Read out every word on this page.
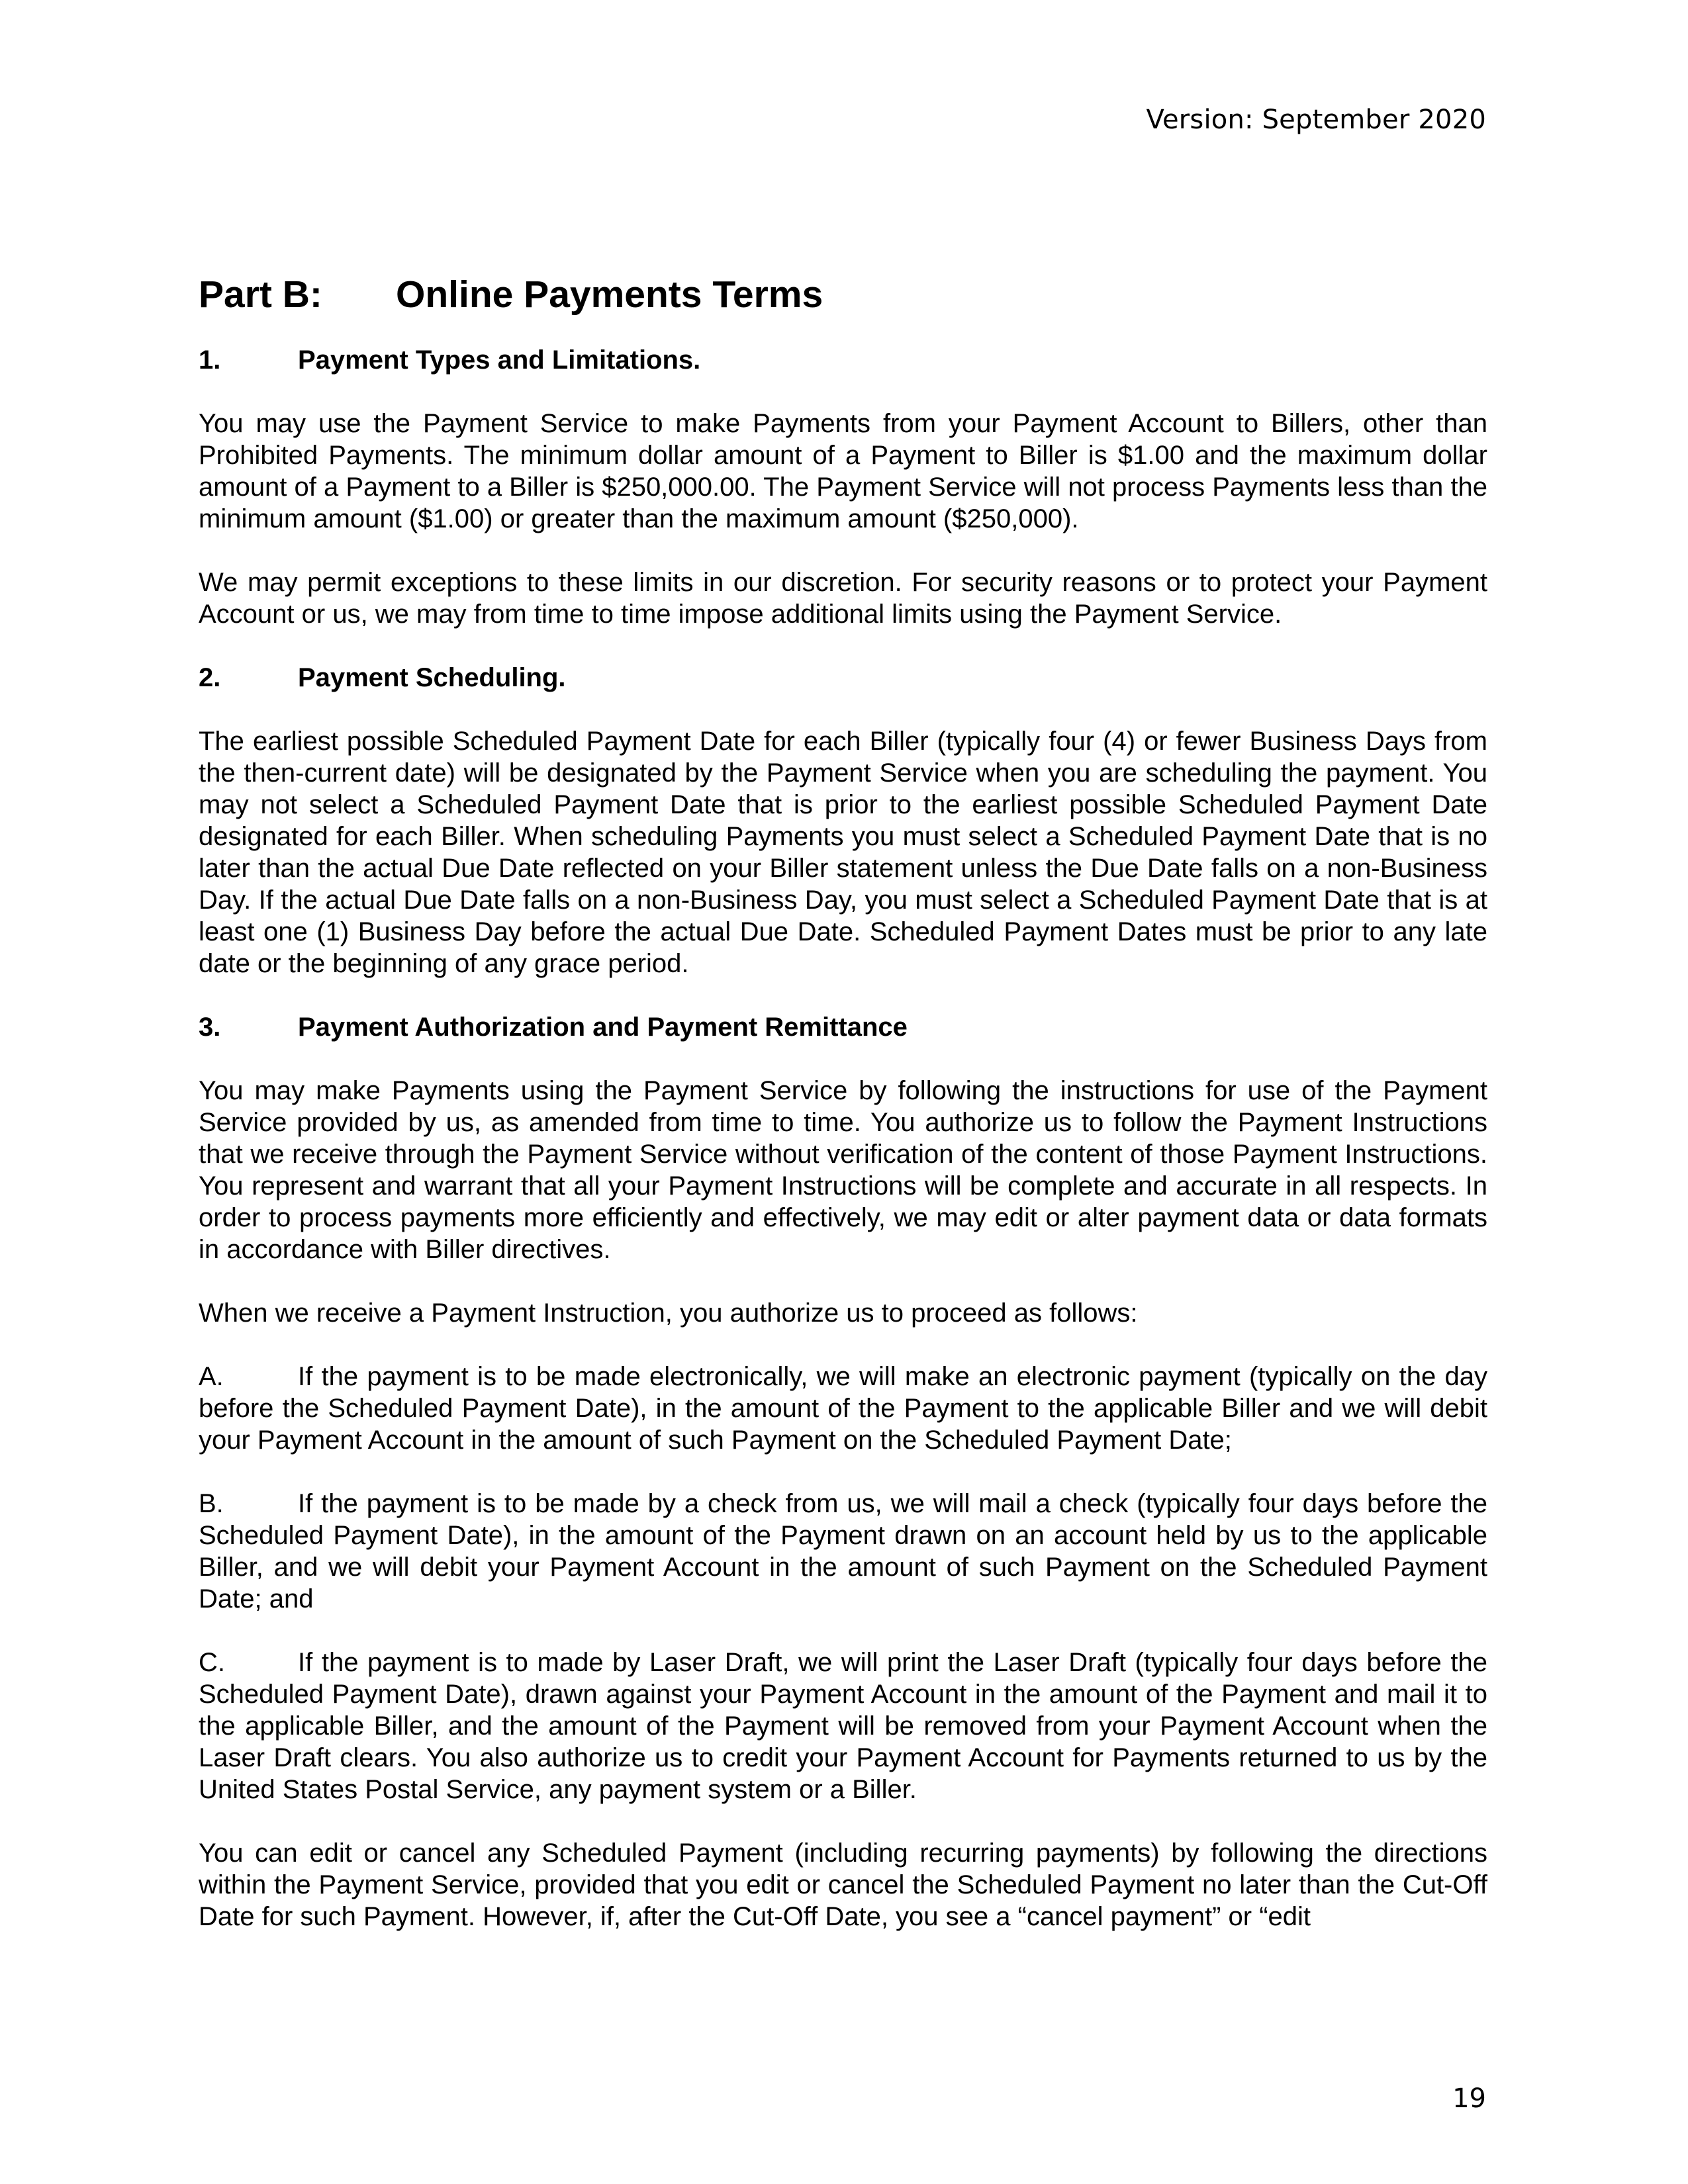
Version: September 2020
Part B:	Online Payments Terms
1.	Payment Types and Limitations.

You may use the Payment Service to make Payments from your Payment Account to Billers, other than Prohibited Payments. The minimum dollar amount of a Payment to Biller is $1.00 and the maximum dollar amount of a Payment to a Biller is $250,000.00. The Payment Service will not process Payments less than the minimum amount ($1.00) or greater than the maximum amount ($250,000).

We may permit exceptions to these limits in our discretion. For security reasons or to protect your Payment Account or us, we may from time to time impose additional limits using the Payment Service.

2.	Payment Scheduling.

The earliest possible Scheduled Payment Date for each Biller (typically four (4) or fewer Business Days from the then-current date) will be designated by the Payment Service when you are scheduling the payment. You may not select a Scheduled Payment Date that is prior to the earliest possible Scheduled Payment Date designated for each Biller. When scheduling Payments you must select a Scheduled Payment Date that is no later than the actual Due Date reflected on your Biller statement unless the Due Date falls on a non-Business Day. If the actual Due Date falls on a non-Business Day, you must select a Scheduled Payment Date that is at least one (1) Business Day before the actual Due Date. Scheduled Payment Dates must be prior to any late date or the beginning of any grace period.

3.	Payment Authorization and Payment Remittance

You may make Payments using the Payment Service by following the instructions for use of the Payment Service provided by us, as amended from time to time. You authorize us to follow the Payment Instructions that we receive through the Payment Service without verification of the content of those Payment Instructions. You represent and warrant that all your Payment Instructions will be complete and accurate in all respects. In order to process payments more efficiently and effectively, we may edit or alter payment data or data formats in accordance with Biller directives.

When we receive a Payment Instruction, you authorize us to proceed as follows:

A.	If the payment is to be made electronically, we will make an electronic payment (typically on the day before the Scheduled Payment Date), in the amount of the Payment to the applicable Biller and we will debit your Payment Account in the amount of such Payment on the Scheduled Payment Date;

B.	If the payment is to be made by a check from us, we will mail a check (typically four days before the Scheduled Payment Date), in the amount of the Payment drawn on an account held by us to the applicable Biller, and we will debit your Payment Account in the amount of such Payment on the Scheduled Payment Date; and

C.	If the payment is to made by Laser Draft, we will print the Laser Draft (typically four days before the Scheduled Payment Date), drawn against your Payment Account in the amount of the Payment and mail it to the applicable Biller, and the amount of the Payment will be removed from your Payment Account when the Laser Draft clears. You also authorize us to credit your Payment Account for Payments returned to us by the United States Postal Service, any payment system or a Biller.

You can edit or cancel any Scheduled Payment (including recurring payments) by following the directions within the Payment Service, provided that you edit or cancel the Scheduled Payment no later than the Cut-Off Date for such Payment. However, if, after the Cut-Off Date, you see a “cancel payment” or “edit

19
